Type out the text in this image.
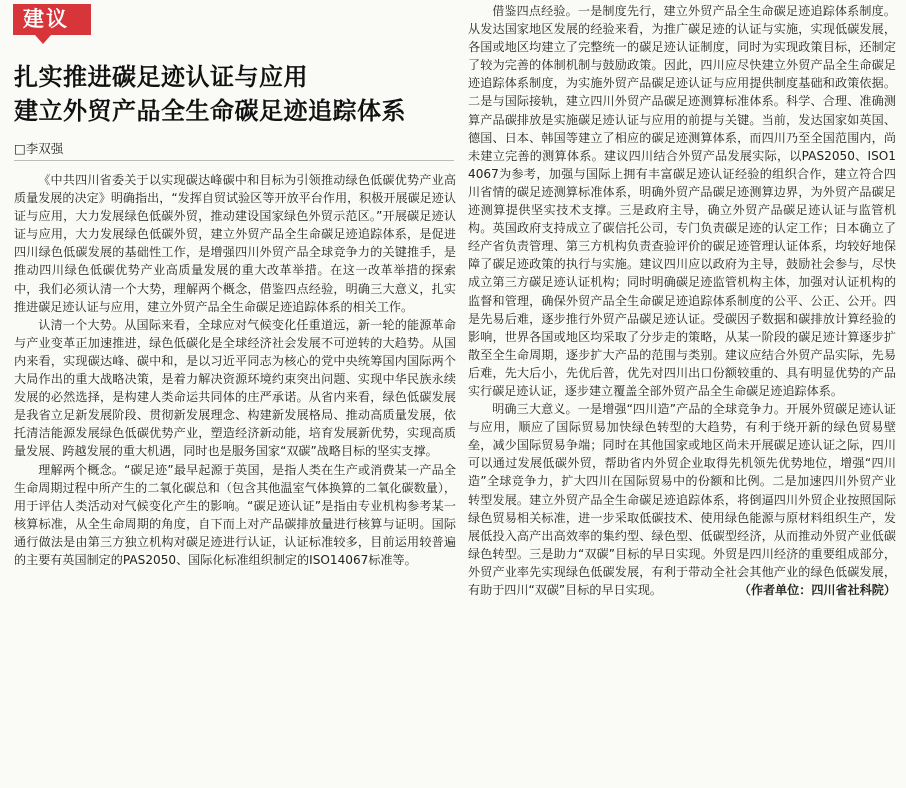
建议
扎实推进碳足迹认证与应用
建立外贸产品全生命碳足迹追踪体系
□李双强

《中共四川省委关于以实现碳达峰碳中和目标为引领推动绿色低碳优势产业高质量发展的决定》明确指出，“发挥自贸试验区等开放平台作用，积极开展碳足迹认证与应用，大力发展绿色低碳外贸，推动建设国家绿色外贸示范区。”开展碳足迹认证与应用，大力发展绿色低碳外贸，建立外贸产品全生命碳足迹追踪体系，是促进四川绿色低碳发展的基础性工作，是增强四川外贸产品全球竞争力的关键推手，是推动四川绿色低碳优势产业高质量发展的重大改革举措。在这一改革举措的探索中，我们必须认清一个大势，理解两个概念，借鉴四点经验，明确三大意义，扎实推进碳足迹认证与应用，建立外贸产品全生命碳足迹追踪体系的相关工作。

认清一个大势。从国际来看，全球应对气候变化任重道远，新一轮的能源革命与产业变革正加速推进，绿色低碳化是全球经济社会发展不可逆转的大趋势。从国内来看，实现碳达峰、碳中和，是以习近平同志为核心的党中央统筹国内国际两个大局作出的重大战略决策，是着力解决资源环境约束突出问题、实现中华民族永续发展的必然选择，是构建人类命运共同体的庄严承诺。从省内来看，绿色低碳发展是我省立足新发展阶段、贯彻新发展理念、构建新发展格局、推动高质量发展，依托清洁能源发展绿色低碳优势产业，塑造经济新动能，培育发展新优势，实现高质量发展、跨越发展的重大机遇，同时也是服务国家“双碳”战略目标的坚实支撑。

理解两个概念。“碳足迹”最早起源于英国，是指人类在生产或消费某一产品全生命周期过程中所产生的二氧化碳总和（包含其他温室气体换算的二氧化碳数量），用于评估人类活动对气候变化产生的影响。“碳足迹认证”是指由专业机构参考某一核算标准，从全生命周期的角度，自下而上对产品碳排放量进行核算与证明。国际通行做法是由第三方独立机构对碳足迹进行认证，认证标准较多，目前运用较普遍的主要有英国制定的PAS2050、国际化标准组织制定的ISO14067标准等。

借鉴四点经验。一是制度先行，建立外贸产品全生命碳足迹追踪体系制度。从发达国家地区发展的经验来看，为推广碳足迹的认证与实施，实现低碳发展，各国或地区均建立了完整统一的碳足迹认证制度，同时为实现政策目标，还制定了较为完善的体制机制与鼓励政策。因此，四川应尽快建立外贸产品全生命碳足迹追踪体系制度，为实施外贸产品碳足迹认证与应用提供制度基础和政策依据。二是与国际接轨，建立四川外贸产品碳足迹测算标准体系。科学、合理、准确测算产品碳排放是实施碳足迹认证与应用的前提与关键。当前，发达国家如英国、德国、日本、韩国等建立了相应的碳足迹测算体系，而四川乃至全国范围内，尚未建立完善的测算体系。建议四川结合外贸产品发展实际，以PAS2050、ISO14067为参考，加强与国际上拥有丰富碳足迹认证经验的组织合作，建立符合四川省情的碳足迹测算标准体系，明确外贸产品碳足迹测算边界，为外贸产品碳足迹测算提供坚实技术支撑。三是政府主导，确立外贸产品碳足迹认证与监管机构。英国政府支持成立了碳信托公司，专门负责碳足迹的认定工作；日本确立了经产省负责管理、第三方机构负责查验评价的碳足迹管理认证体系，均较好地保障了碳足迹政策的执行与实施。建议四川应以政府为主导，鼓励社会参与，尽快成立第三方碳足迹认证机构；同时明确碳足迹监管机构主体，加强对认证机构的监督和管理，确保外贸产品全生命碳足迹追踪体系制度的公平、公正、公开。四是先易后难，逐步推行外贸产品碳足迹认证。受碳因子数据和碳排放计算经验的影响，世界各国或地区均采取了分步走的策略，从某一阶段的碳足迹计算逐步扩散至全生命周期，逐步扩大产品的范围与类别。建议应结合外贸产品实际，先易后难，先大后小，先优后普，优先对四川出口份额较重的、具有明显优势的产品实行碳足迹认证，逐步建立覆盖全部外贸产品全生命碳足迹追踪体系。

明确三大意义。一是增强“四川造”产品的全球竞争力。开展外贸碳足迹认证与应用，顺应了国际贸易加快绿色转型的大趋势，有利于绕开新的绿色贸易壁垒，减少国际贸易争端；同时在其他国家或地区尚未开展碳足迹认证之际，四川可以通过发展低碳外贸，帮助省内外贸企业取得先机领先优势地位，增强“四川造”全球竞争力，扩大四川在国际贸易中的份额和比例。二是加速四川外贸产业转型发展。建立外贸产品全生命碳足迹追踪体系，将倒逼四川外贸企业按照国际绿色贸易相关标准，进一步采取低碳技术、使用绿色能源与原材料组织生产，发展低投入高产出高效率的集约型、绿色型、低碳型经济，从而推动外贸产业低碳绿色转型。三是助力“双碳”目标的早日实现。外贸是四川经济的重要组成部分，外贸产业率先实现绿色低碳发展，有利于带动全社会其他产业的绿色低碳发展，有助于四川“双碳”目标的早日实现。	（作者单位：四川省社科院）
